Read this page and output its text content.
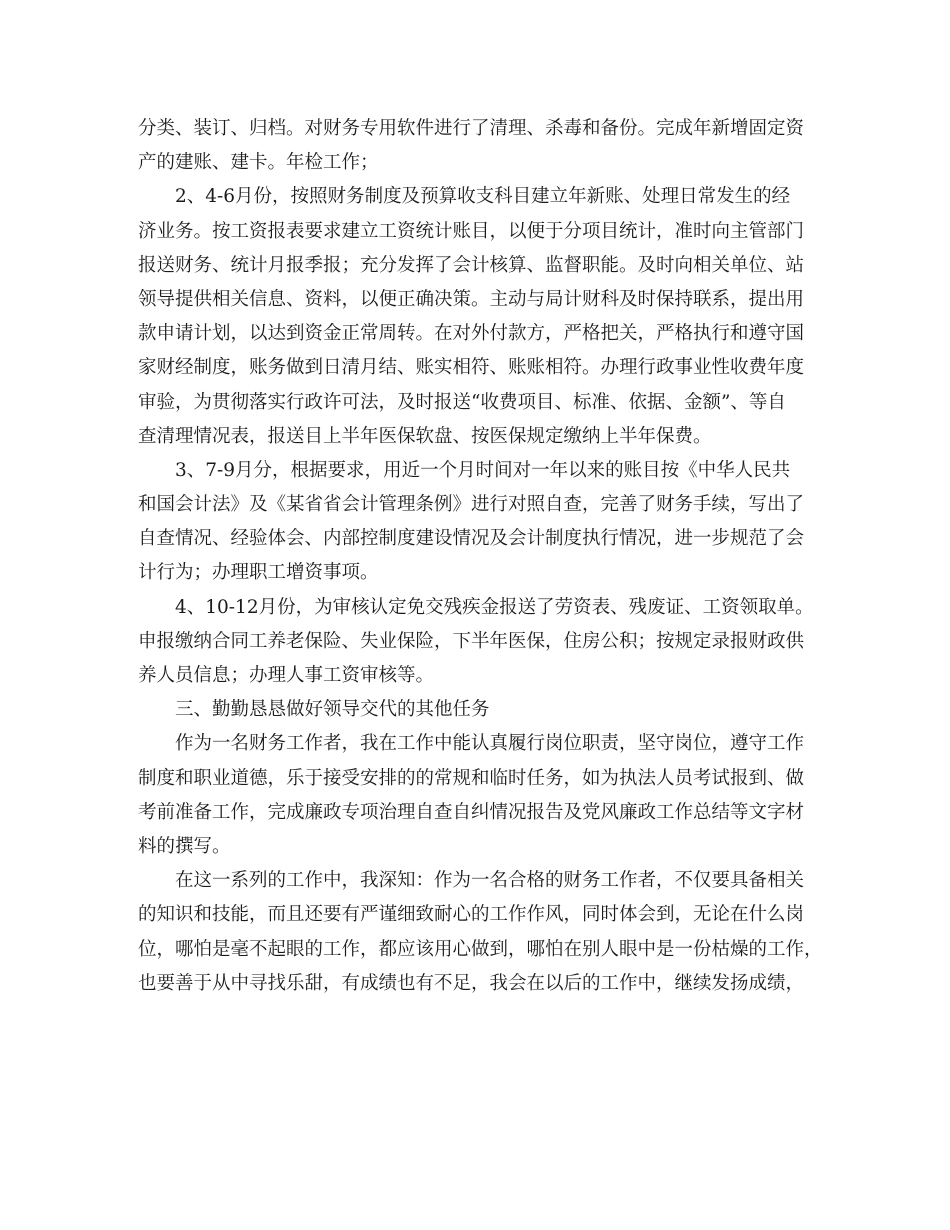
分类、装订、归档。对财务专用软件进行了清理、杀毒和备份。完成年新增固定资
产的建账、建卡。年检工作；
2、4-6月份，按照财务制度及预算收支科目建立年新账、处理日常发生的经
济业务。按工资报表要求建立工资统计账目，以便于分项目统计，准时向主管部门
报送财务、统计月报季报；充分发挥了会计核算、监督职能。及时向相关单位、站
领导提供相关信息、资料，以便正确决策。主动与局计财科及时保持联系，提出用
款申请计划，以达到资金正常周转。在对外付款方，严格把关，严格执行和遵守国
家财经制度，账务做到日清月结、账实相符、账账相符。办理行政事业性收费年度
审验，为贯彻落实行政许可法，及时报送“收费项目、标准、依据、金额”、等自
查清理情况表，报送目上半年医保软盘、按医保规定缴纳上半年保费。
3、7-9月分，根据要求，用近一个月时间对一年以来的账目按《中华人民共
和国会计法》及《某省省会计管理条例》进行对照自查，完善了财务手续，写出了
自查情况、经验体会、内部控制度建设情况及会计制度执行情况，进一步规范了会
计行为；办理职工增资事项。
4、10-12月份，为审核认定免交残疾金报送了劳资表、残废证、工资领取单。
申报缴纳合同工养老保险、失业保险，下半年医保，住房公积；按规定录报财政供
养人员信息；办理人事工资审核等。
三、勤勤恳恳做好领导交代的其他任务
作为一名财务工作者，我在工作中能认真履行岗位职责，坚守岗位，遵守工作
制度和职业道德，乐于接受安排的的常规和临时任务，如为执法人员考试报到、做
考前准备工作，完成廉政专项治理自查自纠情况报告及党风廉政工作总结等文字材
料的撰写。
在这一系列的工作中，我深知：作为一名合格的财务工作者，不仅要具备相关
的知识和技能，而且还要有严谨细致耐心的工作作风，同时体会到，无论在什么岗
位，哪怕是毫不起眼的工作，都应该用心做到，哪怕在别人眼中是一份枯燥的工作，
也要善于从中寻找乐甜，有成绩也有不足，我会在以后的工作中，继续发扬成绩，
